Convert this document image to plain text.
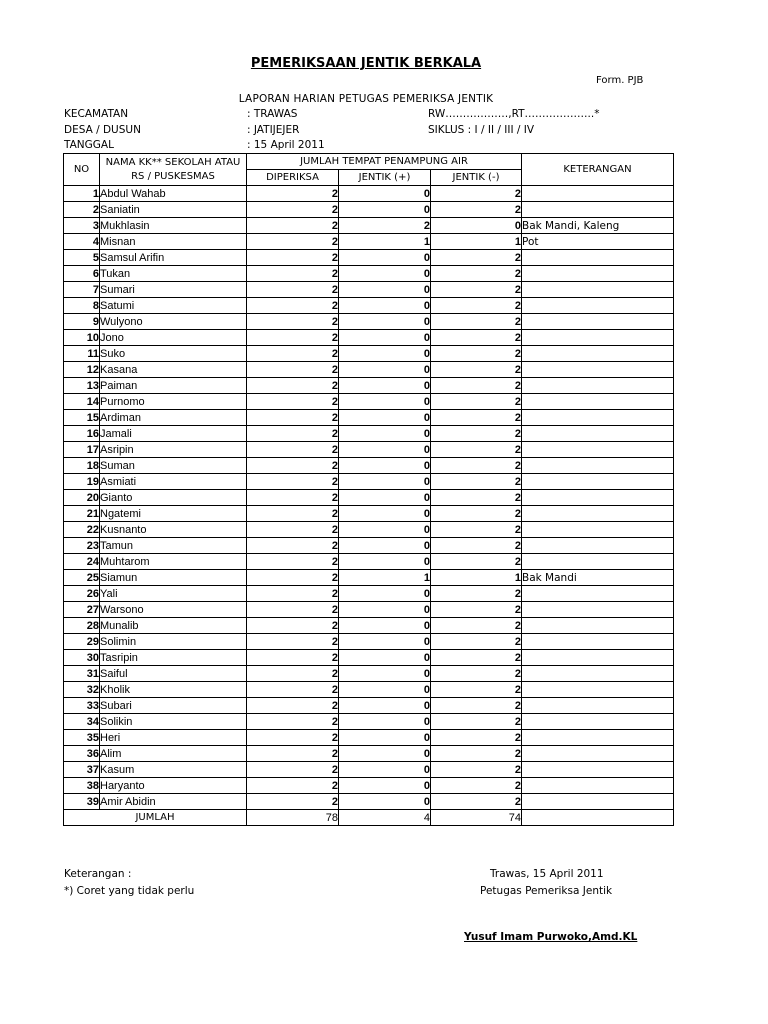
PEMERIKSAAN JENTIK BERKALA
Form. PJB
LAPORAN HARIAN PETUGAS PEMERIKSA JENTIK
KECAMATAN	: TRAWAS	RW………………,RT………………..*
DESA / DUSUN	: JATIJEJER	SIKLUS : I / II / III / IV
TANGGAL	: 15 April 2011
NO	NAMA KK** SEKOLAH ATAU RS / PUSKESMAS	JUMLAH TEMPAT PENAMPUNG AIR			KETERANGAN
		DIPERIKSA	JENTIK (+)	JENTIK (-)	
1	Abdul Wahab	2	0	2	
2	Saniatin	2	0	2	
3	Mukhlasin	2	2	0	Bak Mandi, Kaleng
4	Misnan	2	1	1	Pot
5	Samsul Arifin	2	0	2	
6	Tukan	2	0	2	
7	Sumari	2	0	2	
8	Satumi	2	0	2	
9	Wulyono	2	0	2	
10	Jono	2	0	2	
11	Suko	2	0	2	
12	Kasana	2	0	2	
13	Paiman	2	0	2	
14	Purnomo	2	0	2	
15	Ardiman	2	0	2	
16	Jamali	2	0	2	
17	Asripin	2	0	2	
18	Suman	2	0	2	
19	Asmiati	2	0	2	
20	Gianto	2	0	2	
21	Ngatemi	2	0	2	
22	Kusnanto	2	0	2	
23	Tamun	2	0	2	
24	Muhtarom	2	0	2	
25	Siamun	2	1	1	Bak Mandi
26	Yali	2	0	2	
27	Warsono	2	0	2	
28	Munalib	2	0	2	
29	Solimin	2	0	2	
30	Tasripin	2	0	2	
31	Saiful	2	0	2	
32	Kholik	2	0	2	
33	Subari	2	0	2	
34	Solikin	2	0	2	
35	Heri	2	0	2	
36	Alim	2	0	2	
37	Kasum	2	0	2	
38	Haryanto	2	0	2	
39	Amir Abidin	2	0	2	
JUMLAH		78	4	74	
Keterangan :
*) Coret yang tidak perlu
Trawas, 15 April 2011
Petugas Pemeriksa Jentik
Yusuf Imam Purwoko,Amd.KL
